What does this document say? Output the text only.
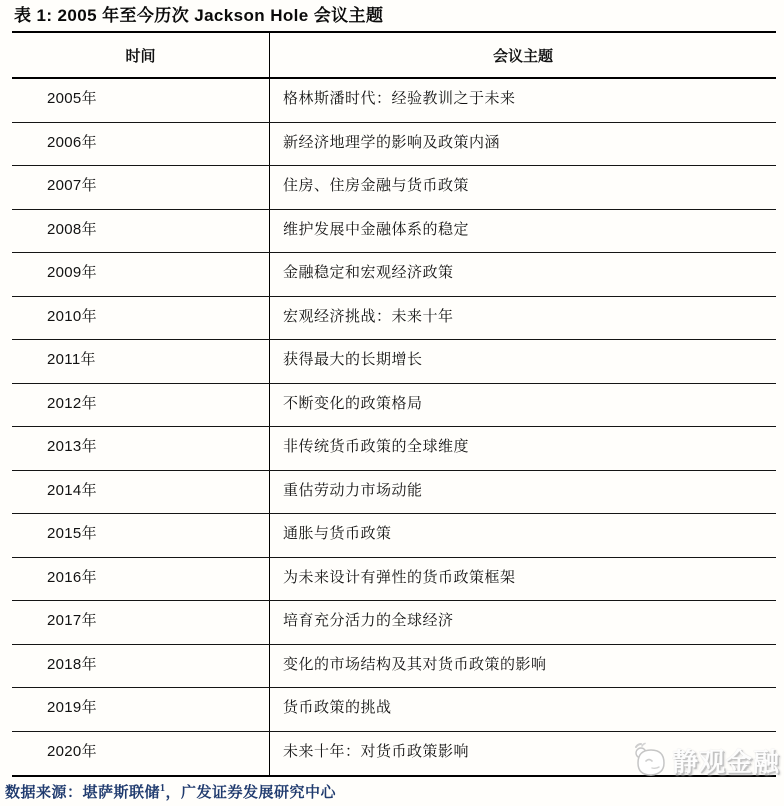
表 1: 2005 年至今历次 Jackson Hole 会议主题
时间	会议主题
2005年	格林斯潘时代：经验教训之于未来
2006年	新经济地理学的影响及政策内涵
2007年	住房、住房金融与货币政策
2008年	维护发展中金融体系的稳定
2009年	金融稳定和宏观经济政策
2010年	宏观经济挑战：未来十年
2011年	获得最大的长期增长
2012年	不断变化的政策格局
2013年	非传统货币政策的全球维度
2014年	重估劳动力市场动能
2015年	通胀与货币政策
2016年	为未来设计有弹性的货币政策框架
2017年	培育充分活力的全球经济
2018年	变化的市场结构及其对货币政策的影响
2019年	货币政策的挑战
2020年	未来十年：对货币政策影响
数据来源：堪萨斯联储$^1$，广发证券发展研究中心
静观金融
